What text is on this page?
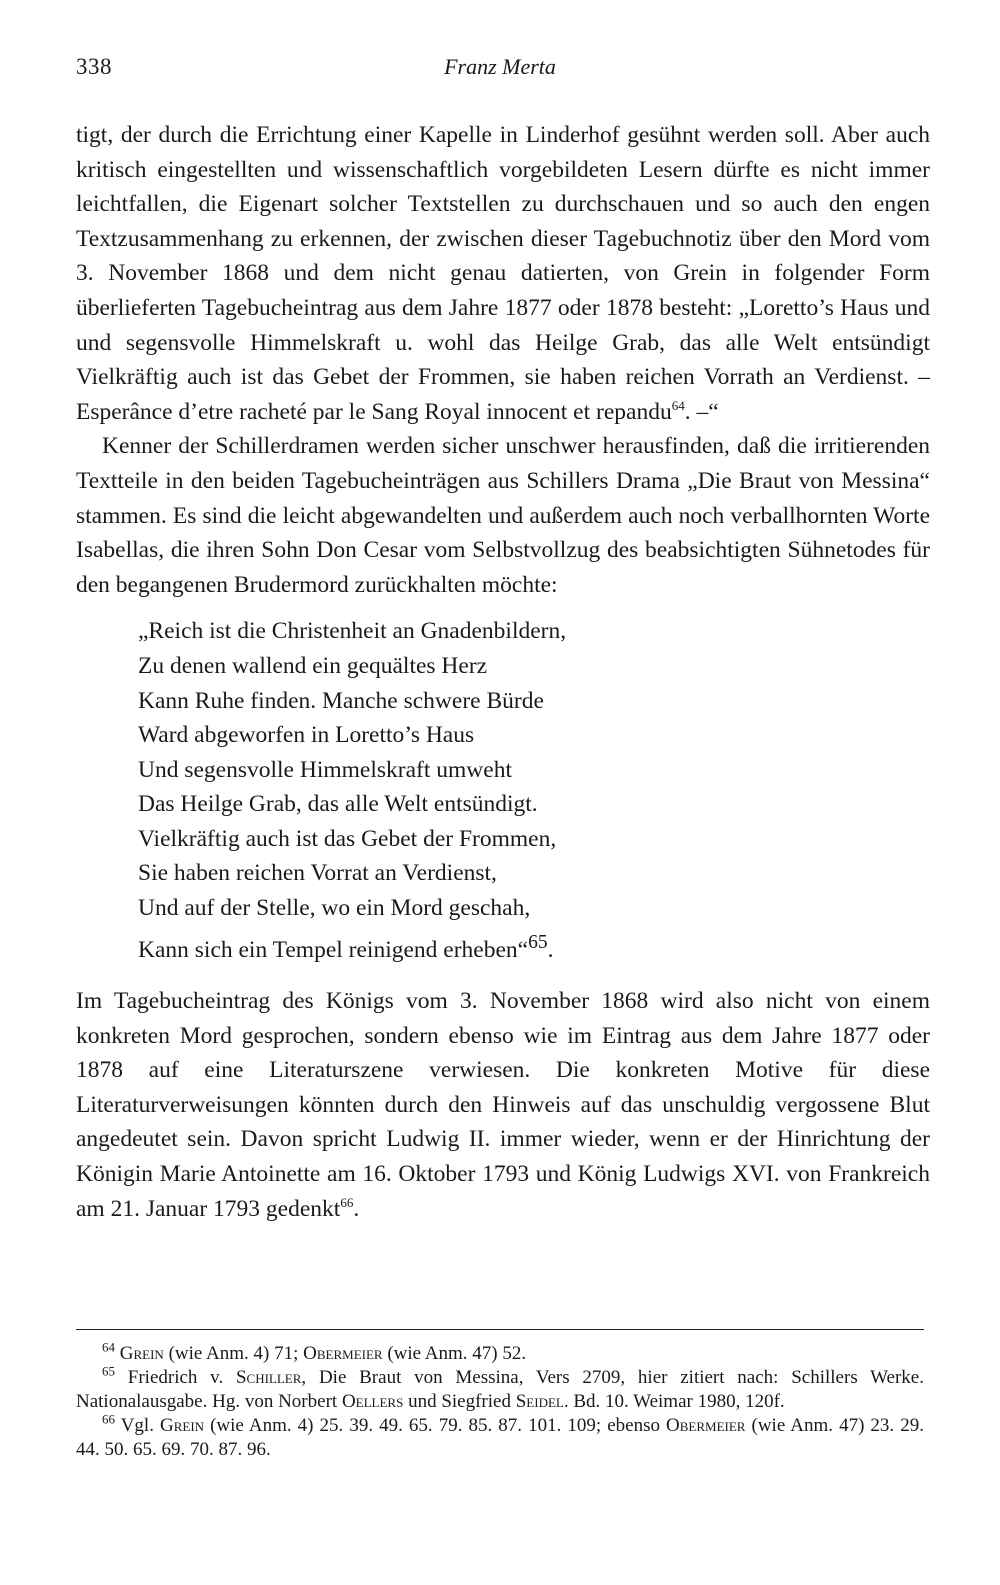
338	Franz Merta

tigt, der durch die Errichtung einer Kapelle in Linderhof gesühnt werden soll. Aber auch kritisch eingestellten und wissenschaftlich vorgebildeten Lesern dürfte es nicht immer leichtfallen, die Eigenart solcher Textstellen zu durchschauen und so auch den engen Textzusammenhang zu erkennen, der zwischen dieser Tagebuchnotiz über den Mord vom 3. November 1868 und dem nicht genau datierten, von Grein in folgender Form überlieferten Tagebucheintrag aus dem Jahre 1877 oder 1878 besteht: „Loretto’s Haus und und segensvolle Himmelskraft u. wohl das Heilge Grab, das alle Welt entsündigt Vielkräftig auch ist das Gebet der Frommen, sie haben reichen Vorrath an Verdienst. – Esperânce d’etre racheté par le Sang Royal innocent et repandu$^{64}$. –“

Kenner der Schillerdramen werden sicher unschwer herausfinden, daß die irritierenden Textteile in den beiden Tagebucheinträgen aus Schillers Drama „Die Braut von Messina“ stammen. Es sind die leicht abgewandelten und außerdem auch noch verballhornten Worte Isabellas, die ihren Sohn Don Cesar vom Selbstvollzug des beabsichtigten Sühnetodes für den begangenen Brudermord zurückhalten möchte:

„Reich ist die Christenheit an Gnadenbildern,
Zu denen wallend ein gequältes Herz
Kann Ruhe finden. Manche schwere Bürde
Ward abgeworfen in Loretto’s Haus
Und segensvolle Himmelskraft umweht
Das Heilge Grab, das alle Welt entsündigt.
Vielkräftig auch ist das Gebet der Frommen,
Sie haben reichen Vorrat an Verdienst,
Und auf der Stelle, wo ein Mord geschah,
Kann sich ein Tempel reinigend erheben“$^{65}$.

Im Tagebucheintrag des Königs vom 3. November 1868 wird also nicht von einem konkreten Mord gesprochen, sondern ebenso wie im Eintrag aus dem Jahre 1877 oder 1878 auf eine Literaturszene verwiesen. Die konkreten Motive für diese Literaturverweisungen könnten durch den Hinweis auf das unschuldig vergossene Blut angedeutet sein. Davon spricht Ludwig II. immer wieder, wenn er der Hinrichtung der Königin Marie Antoinette am 16. Oktober 1793 und König Ludwigs XVI. von Frankreich am 21. Januar 1793 gedenkt$^{66}$.

$^{64}$ Grein (wie Anm. 4) 71; Obermeier (wie Anm. 47) 52.

$^{65}$ Friedrich v. Schiller, Die Braut von Messina, Vers 2709, hier zitiert nach: Schillers Werke. Nationalausgabe. Hg. von Norbert Oellers und Siegfried Seidel. Bd. 10. Weimar 1980, 120f.

$^{66}$ Vgl. Grein (wie Anm. 4) 25. 39. 49. 65. 79. 85. 87. 101. 109; ebenso Obermeier (wie Anm. 47) 23. 29. 44. 50. 65. 69. 70. 87. 96.
